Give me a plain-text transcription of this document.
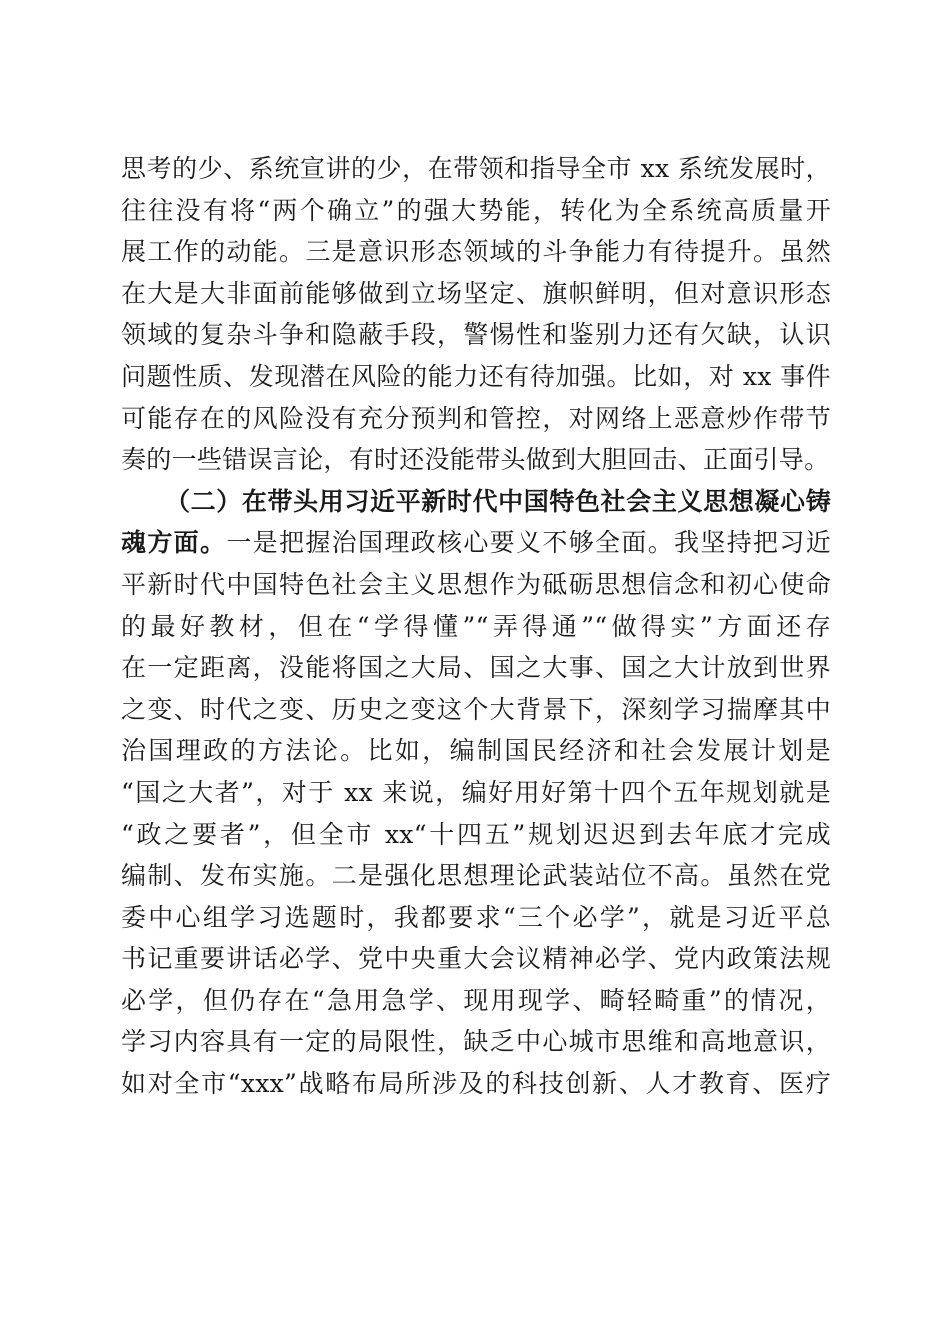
思考的少、系统宣讲的少，在带领和指导全市 xx 系统发展时，
往往没有将“两个确立”的强大势能，转化为全系统高质量开
展工作的动能。三是意识形态领域的斗争能力有待提升。虽然
在大是大非面前能够做到立场坚定、旗帜鲜明，但对意识形态
领域的复杂斗争和隐蔽手段，警惕性和鉴别力还有欠缺，认识
问题性质、发现潜在风险的能力还有待加强。比如，对 xx 事件
可能存在的风险没有充分预判和管控，对网络上恶意炒作带节
奏的一些错误言论，有时还没能带头做到大胆回击、正面引导。
（二）在带头用习近平新时代中国特色社会主义思想凝心铸
魂方面。一是把握治国理政核心要义不够全面。我坚持把习近
平新时代中国特色社会主义思想作为砥砺思想信念和初心使命
的最好教材，但在“学得懂”“弄得通”“做得实”方面还存
在一定距离，没能将国之大局、国之大事、国之大计放到世界
之变、时代之变、历史之变这个大背景下，深刻学习揣摩其中
治国理政的方法论。比如，编制国民经济和社会发展计划是
“国之大者”，对于 xx 来说，编好用好第十四个五年规划就是
“政之要者”，但全市 xx“十四五”规划迟迟到去年底才完成
编制、发布实施。二是强化思想理论武装站位不高。虽然在党
委中心组学习选题时，我都要求“三个必学”，就是习近平总
书记重要讲话必学、党中央重大会议精神必学、党内政策法规
必学，但仍存在“急用急学、现用现学、畸轻畸重”的情况，
学习内容具有一定的局限性，缺乏中心城市思维和高地意识，
如对全市“xxx”战略布局所涉及的科技创新、人才教育、医疗
